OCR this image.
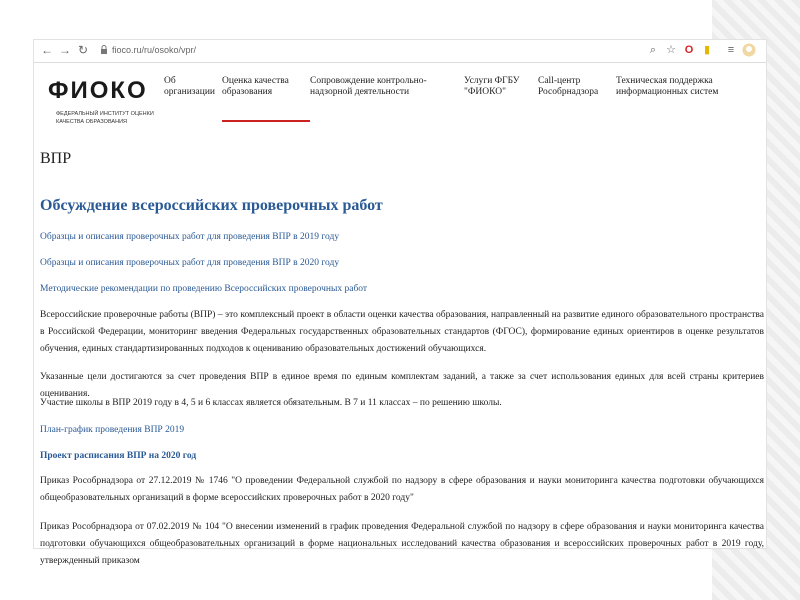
← → ↻	fioco.ru/ru/osoko/vpr/	⌕ ☆ O ▮	≡
ФИОКО
ФЕДЕРАЛЬНЫЙ ИНСТИТУТ ОЦЕНКИ КАЧЕСТВА ОБРАЗОВАНИЯ
Об
организации
Оценка качества
образования
Сопровождение контрольно-
надзорной деятельности
Услуги ФГБУ
"ФИОКО"
Call-центр
Рособрнадзора
Техническая поддержка
информационных систем
ВПР
Обсуждение всероссийских проверочных работ
Образцы и описания проверочных работ для проведения ВПР в 2019 году
Образцы и описания проверочных работ для проведения ВПР в 2020 году
Методические рекомендации по проведению Всероссийских проверочных работ
Всероссийские проверочные работы (ВПР) – это комплексный проект в области оценки качества образования, направленный на развитие единого образовательного пространства в Российской Федерации, мониторинг введения Федеральных государственных образовательных стандартов (ФГОС), формирование единых ориентиров в оценке результатов обучения, единых стандартизированных подходов к оцениванию образовательных достижений обучающихся.
Указанные цели достигаются за счет проведения ВПР в единое время по единым комплектам заданий, а также за счет использования единых для всей страны критериев оценивания.
Участие школы в ВПР 2019 году в 4, 5 и 6 классах является обязательным. В 7 и 11 классах – по решению школы.
План-график проведения ВПР 2019
Проект расписания ВПР на 2020 год
Приказ Рособрнадзора от 27.12.2019 № 1746 "О проведении Федеральной службой по надзору в сфере образования и науки мониторинга качества подготовки обучающихся общеобразовательных организаций в форме всероссийских проверочных работ в 2020 году"
Приказ Рособрнадзора от 07.02.2019 № 104 "О внесении изменений в график проведения Федеральной службой по надзору в сфере образования и науки мониторинга качества подготовки обучающихся общеобразовательных организаций в форме национальных исследований качества образования и всероссийских проверочных работ в 2019 году, утвержденный приказом
